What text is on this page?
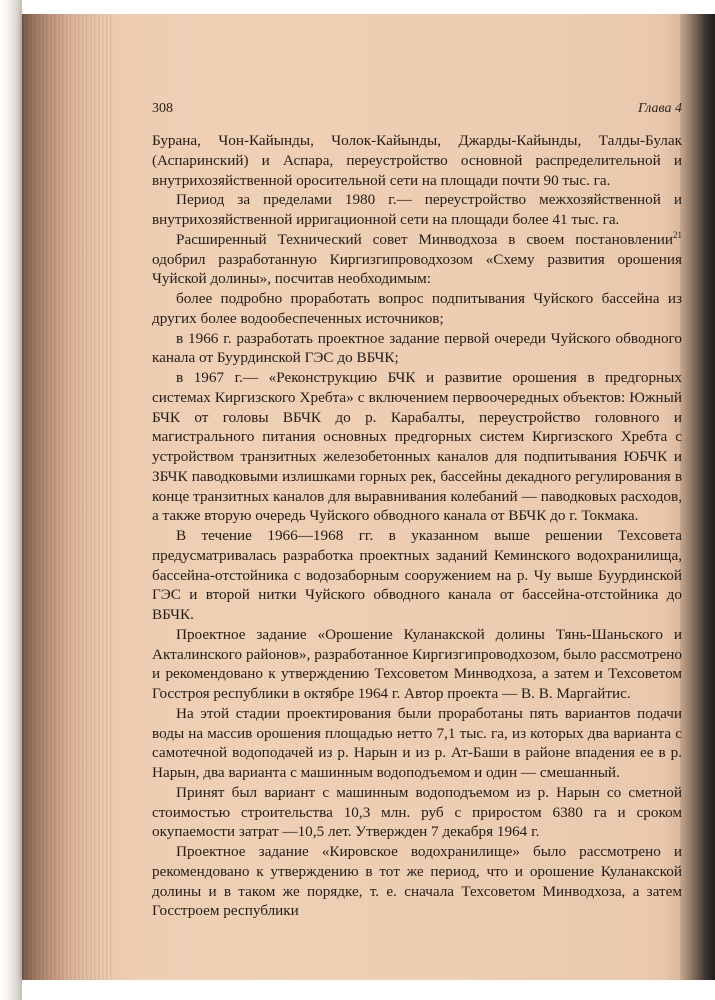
308	Глава 4

Бурана, Чон-Кайынды, Чолок-Кайынды, Джарды-Кайынды, Талды-Булак (Аспаринский) и Аспара, переустройство основной распределительной и внутрихозяйственной оросительной сети на площади почти 90 тыс. га.

Период за пределами 1980 г.— переустройство межхозяйственной и внутрихозяйственной ирригационной сети на площади более 41 тыс. га.

Расширенный Технический совет Минводхоза в своем постановлении$^{21}$ одобрил разработанную Киргизгипроводхозом «Схему развития орошения Чуйской долины», посчитав необходимым:

более подробно проработать вопрос подпитывания Чуйского бассейна из других более водообеспеченных источников;

в 1966 г. разработать проектное задание первой очереди Чуйского обводного канала от Буурдинской ГЭС до ВБЧК;

в 1967 г.— «Реконструкцию БЧК и развитие орошения в предгорных системах Киргизского Хребта» с включением первоочередных объектов: Южный БЧК от головы ВБЧК до р. Карабалты, переустройство головного и магистрального питания основных предгорных систем Киргизского Хребта с устройством транзитных железобетонных каналов для подпитывания ЮБЧК и ЗБЧК паводковыми излишками горных рек, бассейны декадного регулирования в конце транзитных каналов для выравнивания колебаний — паводковых расходов, а также вторую очередь Чуйского обводного канала от ВБЧК до г. Токмака.

В течение 1966—1968 гг. в указанном выше решении Техсовета предусматривалась разработка проектных заданий Кеминского водохранилища, бассейна-отстойника с водозаборным сооружением на р. Чу выше Буурдинской ГЭС и второй нитки Чуйского обводного канала от бассейна-отстойника до ВБЧК.

Проектное задание «Орошение Куланакской долины Тянь-Шаньского и Акталинского районов», разработанное Киргизгипроводхозом, было рассмотрено и рекомендовано к утверждению Техсоветом Минводхоза, а затем и Техсоветом Госстроя республики в октябре 1964 г. Автор проекта — В. В. Маргайтис.

На этой стадии проектирования были проработаны пять вариантов подачи воды на массив орошения площадью нетто 7,1 тыс. га, из которых два варианта с самотечной водоподачей из р. Нарын и из р. Ат-Баши в районе впадения ее в р. Нарын, два варианта с машинным водоподъемом и один — смешанный.

Принят был вариант с машинным водоподъемом из р. Нарын со сметной стоимостью строительства 10,3 млн. руб с приростом 6380 га и сроком окупаемости затрат —10,5 лет. Утвержден 7 декабря 1964 г.

Проектное задание «Кировское водохранилище» было рассмотрено и рекомендовано к утверждению в тот же период, что и орошение Куланакской долины и в таком же порядке, т. е. сначала Техсоветом Минводхоза, а затем Госстроем республики
